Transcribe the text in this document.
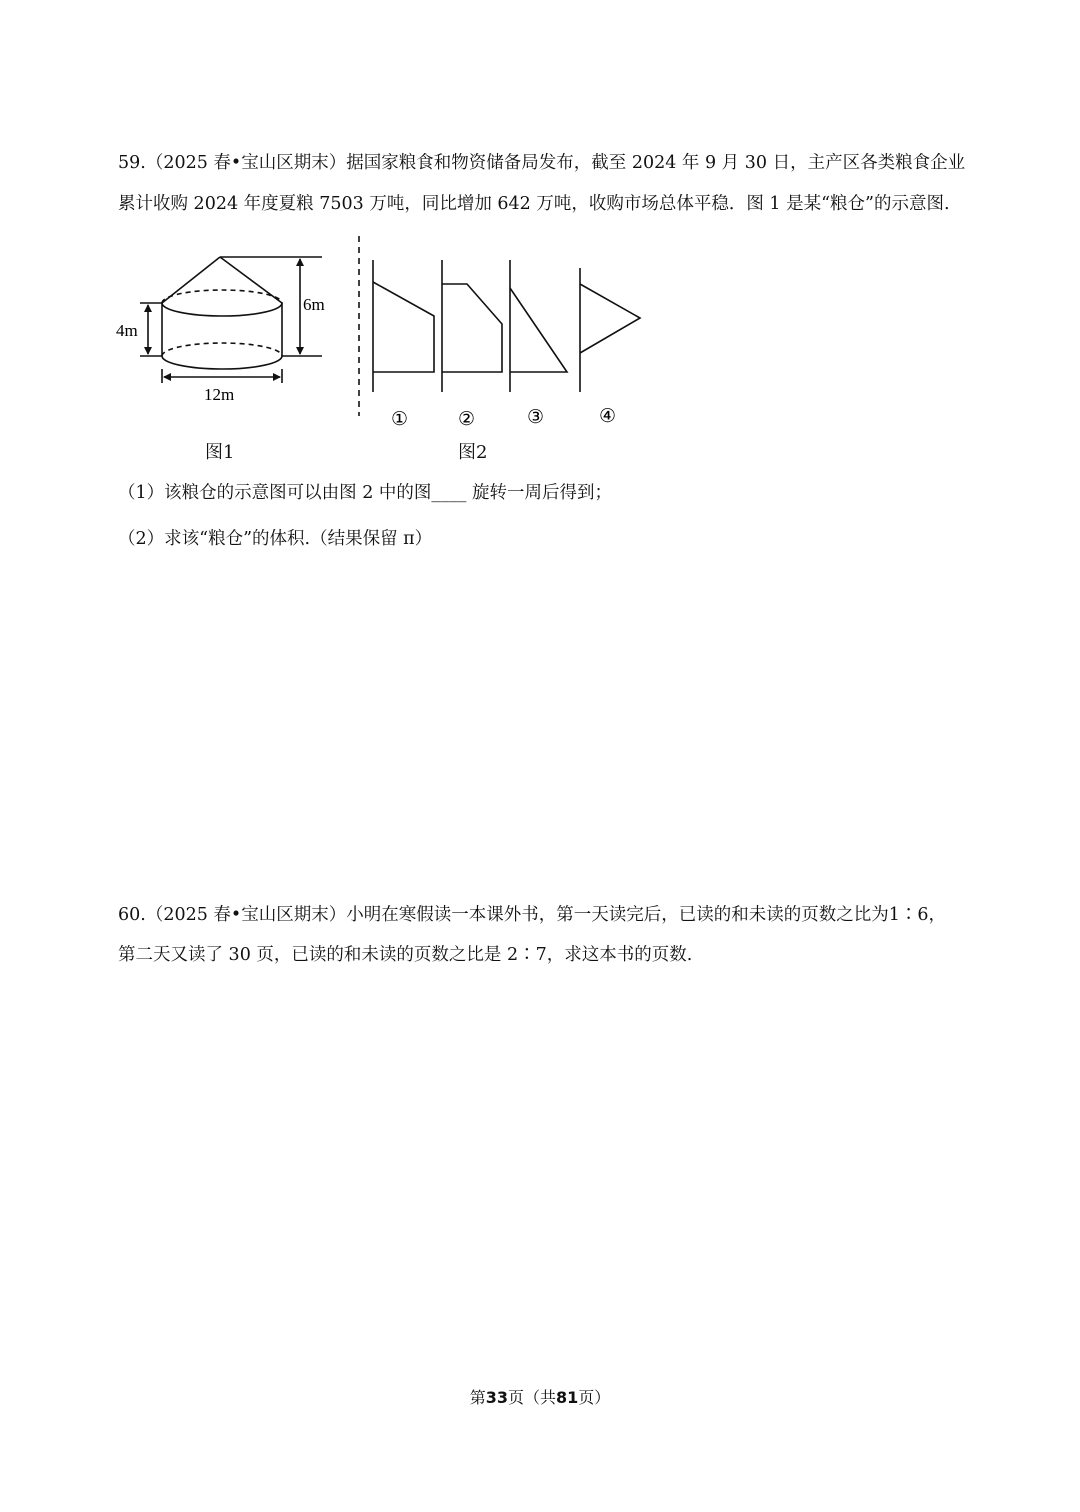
59.（2025 春•宝山区期末）据国家粮食和物资储备局发布，截至 2024 年 9 月 30 日，主产区各类粮食企业
累计收购 2024 年度夏粮 7503 万吨，同比增加 642 万吨，收购市场总体平稳．图 1 是某“粮仓”的示意图.
4m
6m
12m
图1
①	②	③	④
图2
（1）该粮仓的示意图可以由图 2 中的图____ 旋转一周后得到；
（2）求该“粮仓”的体积.（结果保留 π）
60.（2025 春•宝山区期末）小明在寒假读一本课外书，第一天读完后，已读的和未读的页数之比为1∶6，
第二天又读了 30 页，已读的和未读的页数之比是 2∶7，求这本书的页数.
第33页（共81页）
